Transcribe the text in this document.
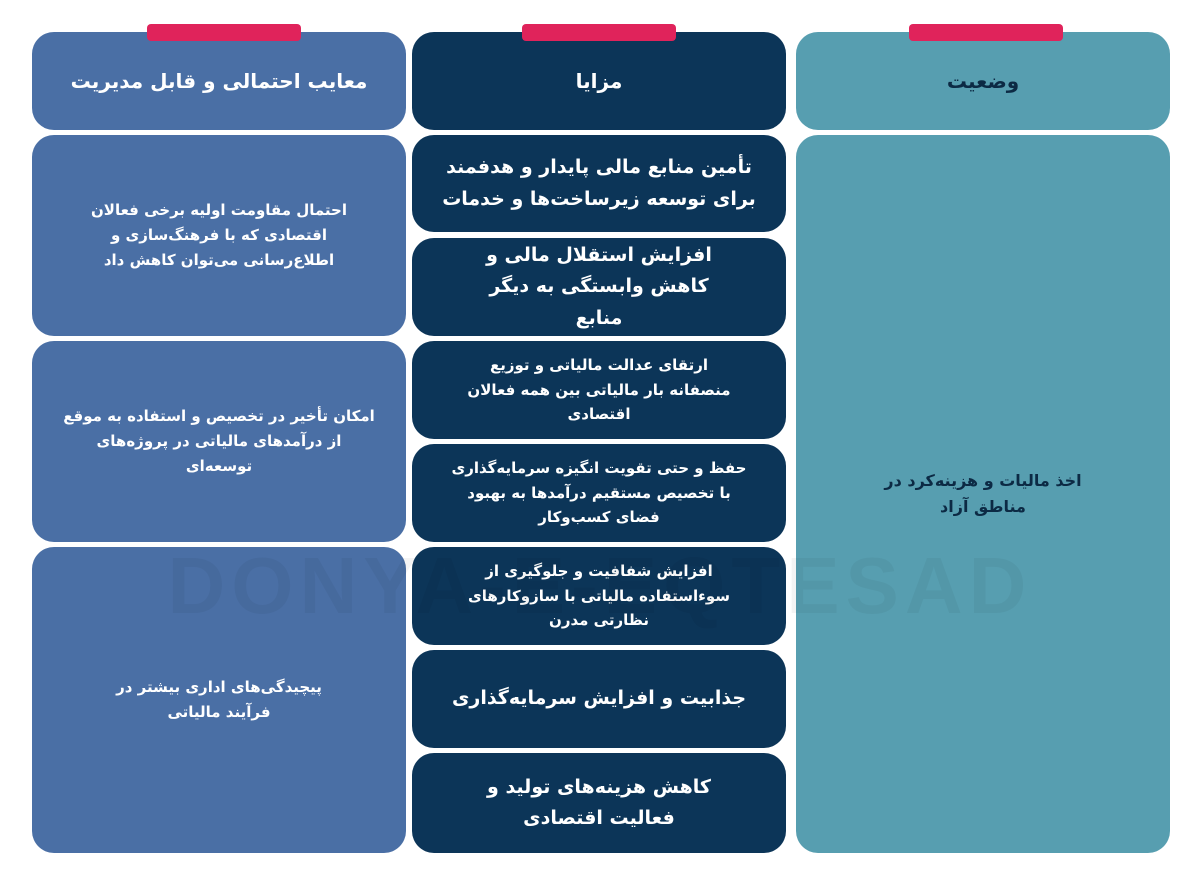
وضعیت
مزایا
معایب احتمالی و قابل مدیریت
اخذ مالیات و هزینه‌کرد در مناطق آزاد
تأمین منابع مالی پایدار و هدفمند برای توسعه زیرساخت‌ها و خدمات
افزایش استقلال مالی و کاهش وابستگی به دیگر منابع
ارتقای عدالت مالیاتی و توزیع منصفانه بار مالیاتی بین همه فعالان اقتصادی
حفظ و حتی تقویت انگیزه سرمایه‌گذاری با تخصیص مستقیم درآمدها به بهبود فضای کسب‌وکار
افزایش شفافیت و جلوگیری از سوءاستفاده مالیاتی با سازوکارهای نظارتی مدرن
جذابیت و افزایش سرمایه‌گذاری
کاهش هزینه‌های تولید و فعالیت اقتصادی
احتمال مقاومت اولیه برخی فعالان اقتصادی که با فرهنگ‌سازی و اطلاع‌رسانی می‌توان کاهش داد
امکان تأخیر در تخصیص و استفاده به موقع از درآمدهای مالیاتی در پروژه‌های توسعه‌ای
پیچیدگی‌های اداری بیشتر در فرآیند مالیاتی
